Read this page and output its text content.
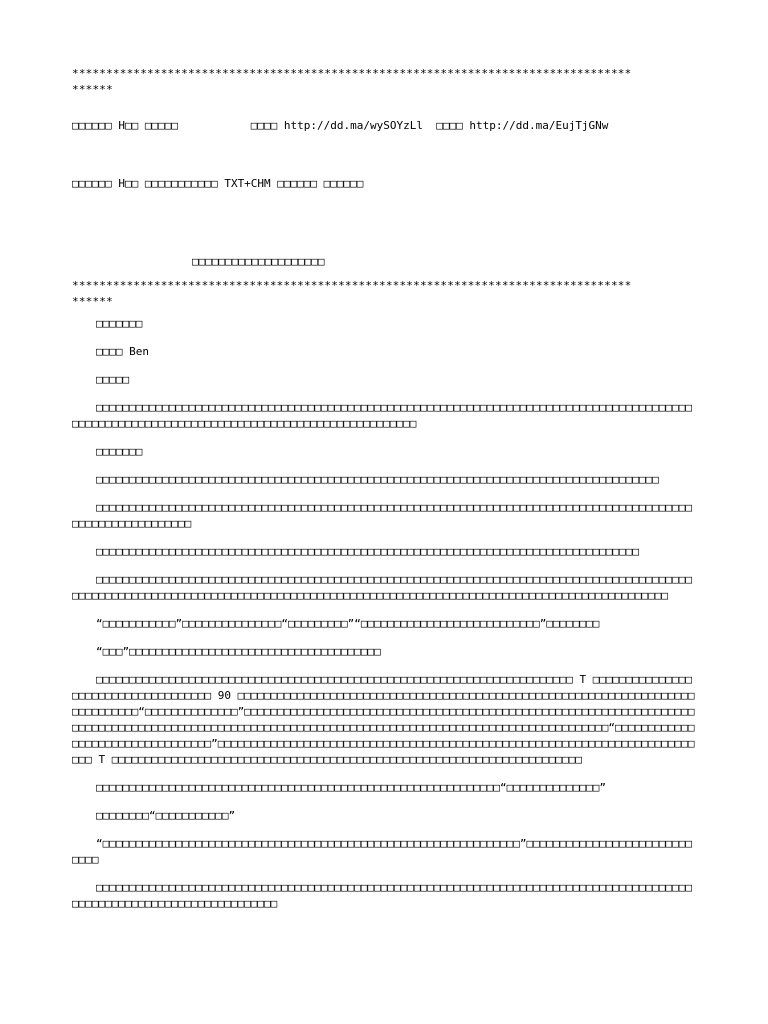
**********************************************************************************

******

□□□□□□ H□□ □□□□□           □□□□ http://dd.ma/wySOYzLl  □□□□ http://dd.ma/EujTjGNw

□□□□□□ H□□ □□□□□□□□□□□ TXT+CHM □□□□□□ □□□□□□

□□□□□□□□□□□□□□□□□□□□

**********************************************************************************

******

□□□□□□□

□□□□ Ben

□□□□□

□□□□□□□□□□□□□□□□□□□□□□□□□□□□□□□□□□□□□□□□□□□□□□□□□□□□□□□□□□□□□□□□□□□□□□□□□□□□□□□□□□□□□□□□□□□□□□□□□□□□□□□□□□□□□□□□□□□□□□□□□□□□□□□□□□□□□□□□□□□□□□

□□□□□□□

□□□□□□□□□□□□□□□□□□□□□□□□□□□□□□□□□□□□□□□□□□□□□□□□□□□□□□□□□□□□□□□□□□□□□□□□□□□□□□□□□□□□□

□□□□□□□□□□□□□□□□□□□□□□□□□□□□□□□□□□□□□□□□□□□□□□□□□□□□□□□□□□□□□□□□□□□□□□□□□□□□□□□□□□□□□□□□□□□□□□□□□□□□□□□□□□□□

□□□□□□□□□□□□□□□□□□□□□□□□□□□□□□□□□□□□□□□□□□□□□□□□□□□□□□□□□□□□□□□□□□□□□□□□□□□□□□□□□□

□□□□□□□□□□□□□□□□□□□□□□□□□□□□□□□□□□□□□□□□□□□□□□□□□□□□□□□□□□□□□□□□□□□□□□□□□□□□□□□□□□□□□□□□□□□□□□□□□□□□□□□□□□□□□□□□□□□□□□□□□□□□□□□□□□□□□□□□□□□□□□□□□□□□□□□□□□□□□□□□□□□□□□□□□□□□□□□□□□□□

“□□□□□□□□□□□”□□□□□□□□□□□□□□□“□□□□□□□□□”“□□□□□□□□□□□□□□□□□□□□□□□□□□□”□□□□□□□□

“□□□”□□□□□□□□□□□□□□□□□□□□□□□□□□□□□□□□□□□□□□

□□□□□□□□□□□□□□□□□□□□□□□□□□□□□□□□□□□□□□□□□□□□□□□□□□□□□□□□□□□□□□□□□□□□□□□□ T □□□□□□□□□□□□□□□□□□□□□□□□□□□□□□□□□□□□ 90 □□□□□□□□□□□□□□□□□□□□□□□□□□□□□□□□□□□□□□□□□□□□□□□□□□□□□□□□□□□□□□□□□□□□□□□□□□□□□□□“□□□□□□□□□□□□□□”□□□□□□□□□□□□□□□□□□□□□□□□□□□□□□□□□□□□□□□□□□□□□□□□□□□□□□□□□□□□□□□□□□□□□□□□□□□□□□□□□□□□□□□□□□□□□□□□□□□□□□□□□□□□□□□□□□□□□□□□□□□□□□□□□□□□□□□□□□□□□□□□□□□□□“□□□□□□□□□□□□□□□□□□□□□□□□□□□□□□□□□”□□□□□□□□□□□□□□□□□□□□□□□□□□□□□□□□□□□□□□□□□□□□□□□□□□□□□□□□□□□□□□□□□□□□□□□□□□□ T □□□□□□□□□□□□□□□□□□□□□□□□□□□□□□□□□□□□□□□□□□□□□□□□□□□□□□□□□□□□□□□□□□□□□□□

□□□□□□□□□□□□□□□□□□□□□□□□□□□□□□□□□□□□□□□□□□□□□□□□□□□□□□□□□□□□□“□□□□□□□□□□□□□□”

□□□□□□□□“□□□□□□□□□□□”

“□□□□□□□□□□□□□□□□□□□□□□□□□□□□□□□□□□□□□□□□□□□□□□□□□□□□□□□□□□□□□□□”□□□□□□□□□□□□□□□□□□□□□□□□□□□□□

□□□□□□□□□□□□□□□□□□□□□□□□□□□□□□□□□□□□□□□□□□□□□□□□□□□□□□□□□□□□□□□□□□□□□□□□□□□□□□□□□□□□□□□□□□□□□□□□□□□□□□□□□□□□□□□□□□□□□□□□□
